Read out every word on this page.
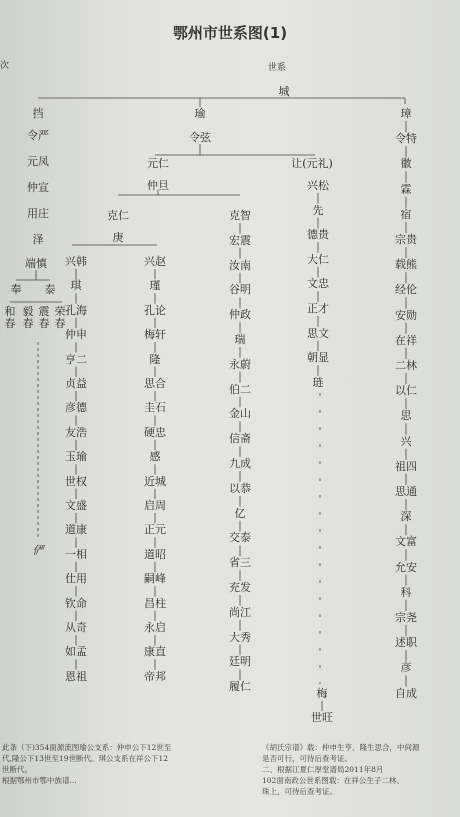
鄂州市世系图(1)
次	世系
城
挡
令严
元凤
仲宣
用庄
泽
端慎
奉 泰
和春
毅春
震春
荣春
俨
瑜
令弦
元仁
仲旦
克仁
庚
让(元礼)
兴韩
琪
孔海
仲申
亨二
贞益
彦德
友浩
玉瑜
世权
文盛
道康
一相
仕用
钦命
从奇
如孟
恩祖
兴赵
瑾
孔论
梅轩
隆
思合
圭石
硬忠
感
近城
启周
正元
道昭
嗣峰
昌柱
永启
康直
帝邦
克智
宏震
汝南
谷明
仲政
瑞
永蔚
伯二
金山
信斋
九成
以恭
亿
交泰
省三
充发
尚江
大秀
廷明
履仁
兴松
先
德贵
大仁
文忠
正才
思文
朝显
琏
梅
世旺
璋
令特
徽
霖
宿
宗贵
载熊
经伦
安勋
在祥
二林
以仁
思
兴
祖四
思通
深
文富
允安
科
宗尧
述职
彦
自成
此条（下)354面源流图瑜公支系：仲申公下12世至
代,隆公下13世至19世断代。琪公支系在祥公下12
世断代。
根据鄂州市鄂中族谱...
《胡氏宗谱》载：仲申生亨、隆生思合，中间源
是否可行，可待后查考证。
二、根据江夏仁厚堂谱局2011年8月
102面南政公世系图载：在祥公生子二林、
珠上，可待后查考证。
